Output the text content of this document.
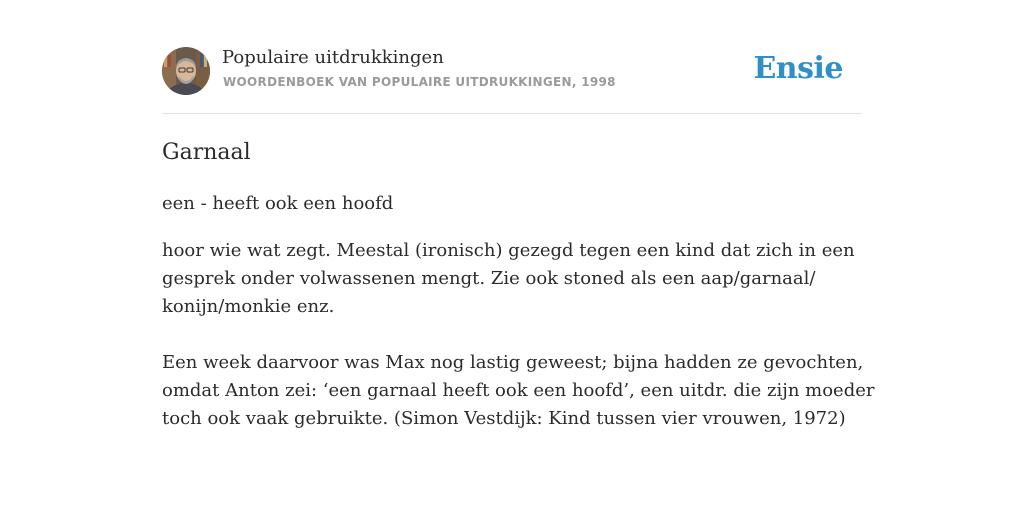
Populaire uitdrukkingen
WOORDENBOEK VAN POPULAIRE UITDRUKKINGEN, 1998	Ensie
Garnaal
een - heeft ook een hoofd
hoor wie wat zegt. Meestal (ironisch) gezegd tegen een kind dat zich in een
gesprek onder volwassenen mengt. Zie ook stoned als een aap/garnaal/
konijn/monkie enz.
Een week daarvoor was Max nog lastig geweest; bijna hadden ze gevochten,
omdat Anton zei: ‘een garnaal heeft ook een hoofd’, een uitdr. die zijn moeder
toch ook vaak gebruikte. (Simon Vestdijk: Kind tussen vier vrouwen, 1972)
